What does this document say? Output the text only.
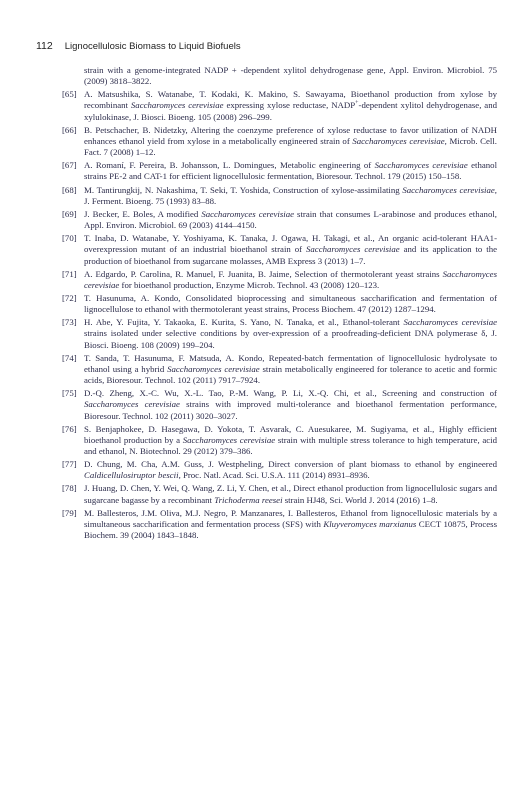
112 Lignocellulosic Biomass to Liquid Biofuels

strain with a genome-integrated NADP + -dependent xylitol dehydrogenase gene, Appl. Environ. Microbiol. 75 (2009) 3818–3822.

[65] A. Matsushika, S. Watanabe, T. Kodaki, K. Makino, S. Sawayama, Bioethanol production from xylose by recombinant Saccharomyces cerevisiae expressing xylose reductase, NADP+-dependent xylitol dehydrogenase, and xylulokinase, J. Biosci. Bioeng. 105 (2008) 296–299.

[66] B. Petschacher, B. Nidetzky, Altering the coenzyme preference of xylose reductase to favor utilization of NADH enhances ethanol yield from xylose in a metabolically engineered strain of Saccharomyces cerevisiae, Microb. Cell. Fact. 7 (2008) 1–12.

[67] A. Romaní, F. Pereira, B. Johansson, L. Domingues, Metabolic engineering of Saccharomyces cerevisiae ethanol strains PE-2 and CAT-1 for efficient lignocellulosic fermentation, Bioresour. Technol. 179 (2015) 150–158.

[68] M. Tantirungkij, N. Nakashima, T. Seki, T. Yoshida, Construction of xylose-assimilating Saccharomyces cerevisiae, J. Ferment. Bioeng. 75 (1993) 83–88.

[69] J. Becker, E. Boles, A modified Saccharomyces cerevisiae strain that consumes L-arabinose and produces ethanol, Appl. Environ. Microbiol. 69 (2003) 4144–4150.

[70] T. Inaba, D. Watanabe, Y. Yoshiyama, K. Tanaka, J. Ogawa, H. Takagi, et al., An organic acid-tolerant HAA1-overexpression mutant of an industrial bioethanol strain of Saccharomyces cerevisiae and its application to the production of bioethanol from sugarcane molasses, AMB Express 3 (2013) 1–7.

[71] A. Edgardo, P. Carolina, R. Manuel, F. Juanita, B. Jaime, Selection of thermotolerant yeast strains Saccharomyces cerevisiae for bioethanol production, Enzyme Microb. Technol. 43 (2008) 120–123.

[72] T. Hasunuma, A. Kondo, Consolidated bioprocessing and simultaneous saccharification and fermentation of lignocellulose to ethanol with thermotolerant yeast strains, Process Biochem. 47 (2012) 1287–1294.

[73] H. Abe, Y. Fujita, Y. Takaoka, E. Kurita, S. Yano, N. Tanaka, et al., Ethanol-tolerant Saccharomyces cerevisiae strains isolated under selective conditions by over-expression of a proofreading-deficient DNA polymerase δ, J. Biosci. Bioeng. 108 (2009) 199–204.

[74] T. Sanda, T. Hasunuma, F. Matsuda, A. Kondo, Repeated-batch fermentation of lignocellulosic hydrolysate to ethanol using a hybrid Saccharomyces cerevisiae strain metabolically engineered for tolerance to acetic and formic acids, Bioresour. Technol. 102 (2011) 7917–7924.

[75] D.-Q. Zheng, X.-C. Wu, X.-L. Tao, P.-M. Wang, P. Li, X.-Q. Chi, et al., Screening and construction of Saccharomyces cerevisiae strains with improved multi-tolerance and bioethanol fermentation performance, Bioresour. Technol. 102 (2011) 3020–3027.

[76] S. Benjaphokee, D. Hasegawa, D. Yokota, T. Asvarak, C. Auesukaree, M. Sugiyama, et al., Highly efficient bioethanol production by a Saccharomyces cerevisiae strain with multiple stress tolerance to high temperature, acid and ethanol, N. Biotechnol. 29 (2012) 379–386.

[77] D. Chung, M. Cha, A.M. Guss, J. Westpheling, Direct conversion of plant biomass to ethanol by engineered Caldicellulosiruptor bescii, Proc. Natl. Acad. Sci. U.S.A. 111 (2014) 8931–8936.

[78] J. Huang, D. Chen, Y. Wei, Q. Wang, Z. Li, Y. Chen, et al., Direct ethanol production from lignocellulosic sugars and sugarcane bagasse by a recombinant Trichoderma reesei strain HJ48, Sci. World J. 2014 (2016) 1–8.

[79] M. Ballesteros, J.M. Oliva, M.J. Negro, P. Manzanares, I. Ballesteros, Ethanol from lignocellulosic materials by a simultaneous saccharification and fermentation process (SFS) with Kluyveromyces marxianus CECT 10875, Process Biochem. 39 (2004) 1843–1848.
